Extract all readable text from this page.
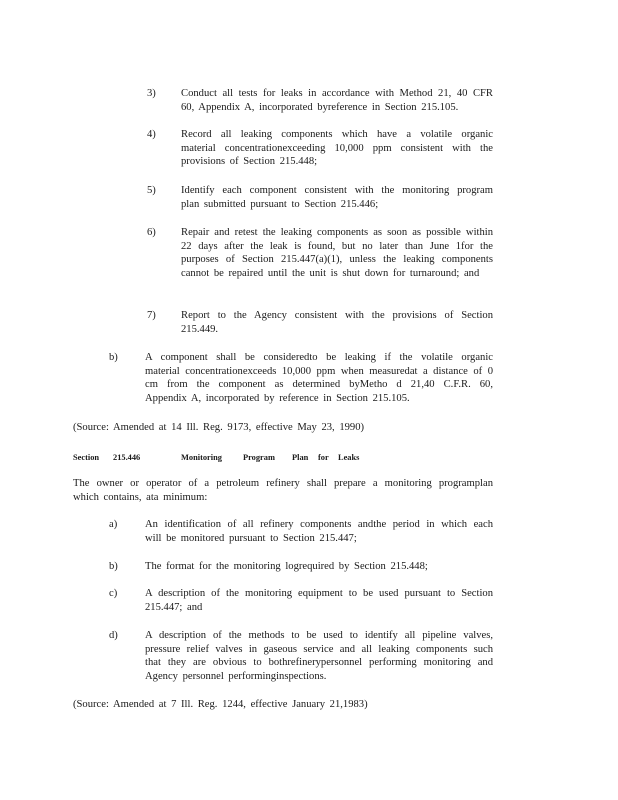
3) Conduct all tests for leaks in accordance with Method 21, 40 CFR 60, Appendix A, incorporated byreference in Section 215.105.
4) Record all leaking components which have a volatile organic material concentrationexceeding 10,000 ppm consistent with the provisions of Section 215.448;
5) Identify each component consistent with the monitoring program plan submitted pursuant to Section 215.446;
6) Repair and retest the leaking components as soon as possible within 22 days after the leak is found, but no later than June 1for the purposes of Section 215.447(a)(1), unless the leaking components cannot be repaired until the unit is shut down for turnaround; and
7) Report to the Agency consistent with the provisions of Section 215.449.
b)	A component shall be consideredto be leaking if the volatile organic material concentrationexceeds 10,000 ppm when measuredat a distance of 0 cm from the component as determined byMetho d 21,40 C.F.R. 60, Appendix A, incorporated by reference in Section 215.105.
(Source: Amended at 14 Ill. Reg. 9173, effective May 23, 1990)
Section 215.446	Monitoring	Program Plan for Leaks
The owner or operator of a petroleum refinery shall prepare a monitoring programplan which contains, ata minimum:
a)	An identification of all refinery components andthe period in which each will be monitored pursuant to Section 215.447;
b)	The format for the monitoring logrequired by Section 215.448;
c)	A description of the monitoring equipment to be used pursuant to Section 215.447; and
d)	A description of the methods to be used to identify all pipeline valves, pressure relief valves in gaseous service and all leaking components such that they are obvious to bothrefinerypersonnel performing monitoring and Agency personnel performinginspections.
(Source: Amended at 7 Ill. Reg. 1244, effective January 21,1983)
